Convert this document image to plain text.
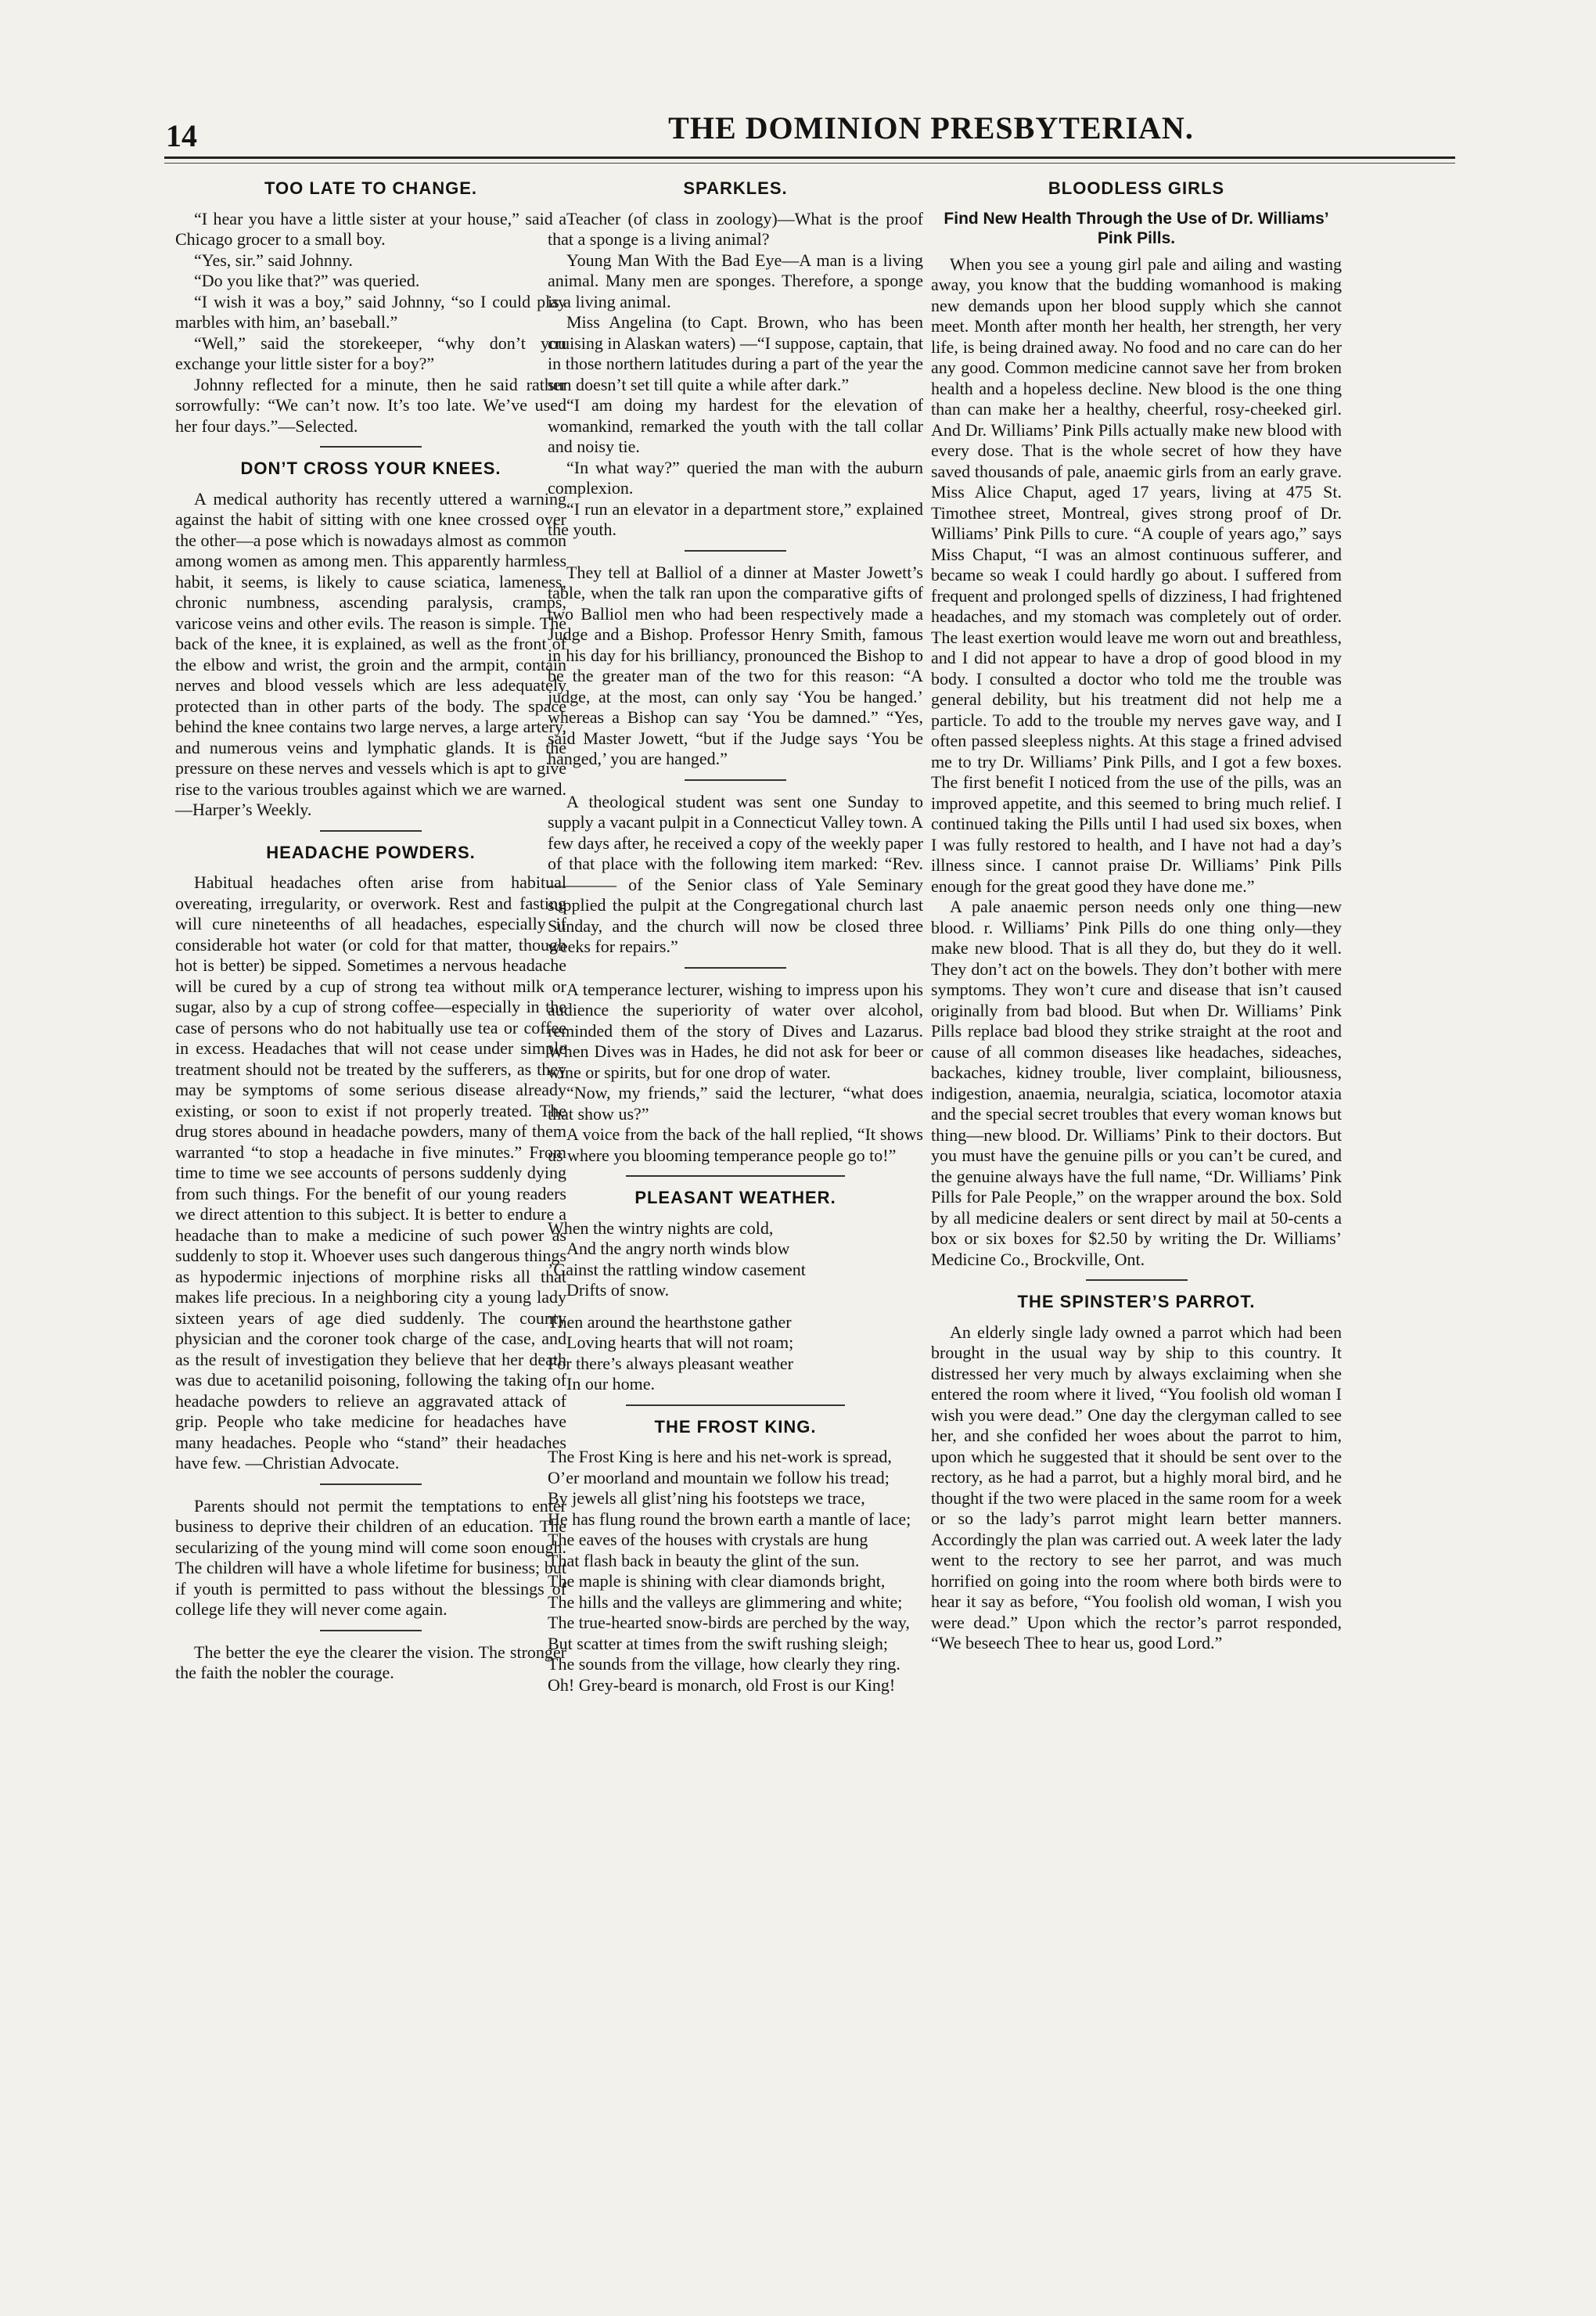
14	THE DOMINION PRESBYTERIAN.
TOO LATE TO CHANGE.

“I hear you have a little sister at your house,” said a Chicago grocer to a small boy.

“Yes, sir.” said Johnny.

“Do you like that?” was queried.

“I wish it was a boy,” said Johnny, “so I could play marbles with him, an’ baseball.”

“Well,” said the storekeeper, “why don’t you exchange your little sister for a boy?”

Johnny reflected for a minute, then he said rather sorrowfully: “We can’t now. It’s too late. We’ve used her four days.”—Selected.

DON’T CROSS YOUR KNEES.

A medical authority has recently uttered a warning against the habit of sitting with one knee crossed over the other—a pose which is nowadays almost as common among women as among men. This apparently harmless habit, it seems, is likely to cause sciatica, lameness, chronic numbness, ascending paralysis, cramps, varicose veins and other evils. The reason is simple. The back of the knee, it is explained, as well as the front of the elbow and wrist, the groin and the armpit, contain nerves and blood vessels which are less adequately protected than in other parts of the body. The space behind the knee contains two large nerves, a large artery, and numerous veins and lymphatic glands. It is the pressure on these nerves and vessels which is apt to give rise to the various troubles against which we are warned.—Harper’s Weekly.

HEADACHE POWDERS.

Habitual headaches often arise from habitual overeating, irregularity, or overwork. Rest and fasting will cure nineteenths of all headaches, especially if considerable hot water (or cold for that matter, though hot is better) be sipped. Sometimes a nervous headache will be cured by a cup of strong tea without milk or sugar, also by a cup of strong coffee—especially in the case of persons who do not habitually use tea or coffee in excess. Headaches that will not cease under simple treatment should not be treated by the sufferers, as they may be symptoms of some serious disease already existing, or soon to exist if not properly treated. The drug stores abound in headache powders, many of them warranted “to stop a headache in five minutes.” From time to time we see accounts of persons suddenly dying from such things. For the benefit of our young readers we direct attention to this subject. It is better to endure a headache than to make a medicine of such power as suddenly to stop it. Whoever uses such dangerous things as hypodermic injections of morphine risks all that makes life precious. In a neighboring city a young lady sixteen years of age died suddenly. The county physician and the coroner took charge of the case, and as the result of investigation they believe that her death was due to acetanilid poisoning, following the taking of headache powders to relieve an aggravated attack of grip. People who take medicine for headaches have many headaches. People who “stand” their headaches have few. —Christian Advocate.

Parents should not permit the temptations to enter business to deprive their children of an education. The secularizing of the young mind will come soon enough. The children will have a whole lifetime for business; but if youth is permitted to pass without the blessings of college life they will never come again.

The better the eye the clearer the vision. The stronger the faith the nobler the courage.

SPARKLES.

Teacher (of class in zoology)—What is the proof that a sponge is a living animal?

Young Man With the Bad Eye—A man is a living animal. Many men are sponges. Therefore, a sponge is a living animal.

Miss Angelina (to Capt. Brown, who has been cruising in Alaskan waters) —“I suppose, captain, that in those northern latitudes during a part of the year the sun doesn’t set till quite a while after dark.”

“I am doing my hardest for the elevation of womankind, remarked the youth with the tall collar and noisy tie.

“In what way?” queried the man with the auburn complexion.

“I run an elevator in a department store,” explained the youth.

They tell at Balliol of a dinner at Master Jowett’s table, when the talk ran upon the comparative gifts of two Balliol men who had been respectively made a Judge and a Bishop. Professor Henry Smith, famous in his day for his brilliancy, pronounced the Bishop to be the greater man of the two for this reason: “A judge, at the most, can only say ‘You be hanged.’ whereas a Bishop can say ‘You be damned.” “Yes, said Master Jowett, “but if the Judge says ‘You be hanged,’ you are hanged.”

A theological student was sent one Sunday to supply a vacant pulpit in a Connecticut Valley town. A few days after, he received a copy of the weekly paper of that place with the following item marked: “Rev.———— of the Senior class of Yale Seminary supplied the pulpit at the Congregational church last Sunday, and the church will now be closed three weeks for repairs.”

A temperance lecturer, wishing to impress upon his audience the superiority of water over alcohol, reminded them of the story of Dives and Lazarus. When Dives was in Hades, he did not ask for beer or wine or spirits, but for one drop of water.

“Now, my friends,” said the lecturer, “what does that show us?”

A voice from the back of the hall replied, “It shows us where you blooming temperance people go to!”

PLEASANT WEATHER.
When the wintry nights are cold,
And the angry north winds blow
’Gainst the rattling window casement
Drifts of snow.
Then around the hearthstone gather
Loving hearts that will not roam;
For there’s always pleasant weather
In our home.
THE FROST KING.
The Frost King is here and his net-work is spread,
O’er moorland and mountain we follow his tread;
By jewels all glist’ning his footsteps we trace,
He has flung round the brown earth a mantle of lace;
The eaves of the houses with crystals are hung
That flash back in beauty the glint of the sun.
The maple is shining with clear diamonds bright,
The hills and the valleys are glimmering and white;
The true-hearted snow-birds are perched by the way,
But scatter at times from the swift rushing sleigh;
The sounds from the village, how clearly they ring.
Oh! Grey-beard is monarch, old Frost is our King!
BLOODLESS GIRLS
Find New Health Through the Use of Dr. Williams’ Pink Pills.

When you see a young girl pale and ailing and wasting away, you know that the budding womanhood is making new demands upon her blood supply which she cannot meet. Month after month her health, her strength, her very life, is being drained away. No food and no care can do her any good. Common medicine cannot save her from broken health and a hopeless decline. New blood is the one thing than can make her a healthy, cheerful, rosy-cheeked girl. And Dr. Williams’ Pink Pills actually make new blood with every dose. That is the whole secret of how they have saved thousands of pale, anaemic girls from an early grave. Miss Alice Chaput, aged 17 years, living at 475 St. Timothee street, Montreal, gives strong proof of Dr. Williams’ Pink Pills to cure. “A couple of years ago,” says Miss Chaput, “I was an almost continuous sufferer, and became so weak I could hardly go about. I suffered from frequent and prolonged spells of dizziness, I had frightened headaches, and my stomach was completely out of order. The least exertion would leave me worn out and breathless, and I did not appear to have a drop of good blood in my body. I consulted a doctor who told me the trouble was general debility, but his treatment did not help me a particle. To add to the trouble my nerves gave way, and I often passed sleepless nights. At this stage a frined advised me to try Dr. Williams’ Pink Pills, and I got a few boxes. The first benefit I noticed from the use of the pills, was an improved appetite, and this seemed to bring much relief. I continued taking the Pills until I had used six boxes, when I was fully restored to health, and I have not had a day’s illness since. I cannot praise Dr. Williams’ Pink Pills enough for the great good they have done me.”

A pale anaemic person needs only one thing—new blood. r. Williams’ Pink Pills do one thing only—they make new blood. That is all they do, but they do it well. They don’t act on the bowels. They don’t bother with mere symptoms. They won’t cure and disease that isn’t caused originally from bad blood. But when Dr. Williams’ Pink Pills replace bad blood they strike straight at the root and cause of all common diseases like headaches, sideaches, backaches, kidney trouble, liver complaint, biliousness, indigestion, anaemia, neuralgia, sciatica, locomotor ataxia and the special secret troubles that every woman knows but thing—new blood. Dr. Williams’ Pink to their doctors. But you must have the genuine pills or you can’t be cured, and the genuine always have the full name, “Dr. Williams’ Pink Pills for Pale People,” on the wrapper around the box. Sold by all medicine dealers or sent direct by mail at 50-cents a box or six boxes for $2.50 by writing the Dr. Williams’ Medicine Co., Brockville, Ont.

THE SPINSTER’S PARROT.

An elderly single lady owned a parrot which had been brought in the usual way by ship to this country. It distressed her very much by always exclaiming when she entered the room where it lived, “You foolish old woman I wish you were dead.” One day the clergyman called to see her, and she confided her woes about the parrot to him, upon which he suggested that it should be sent over to the rectory, as he had a parrot, but a highly moral bird, and he thought if the two were placed in the same room for a week or so the lady’s parrot might learn better manners. Accordingly the plan was carried out. A week later the lady went to the rectory to see her parrot, and was much horrified on going into the room where both birds were to hear it say as before, “You foolish old woman, I wish you were dead.” Upon which the rector’s parrot responded, “We beseech Thee to hear us, good Lord.”
